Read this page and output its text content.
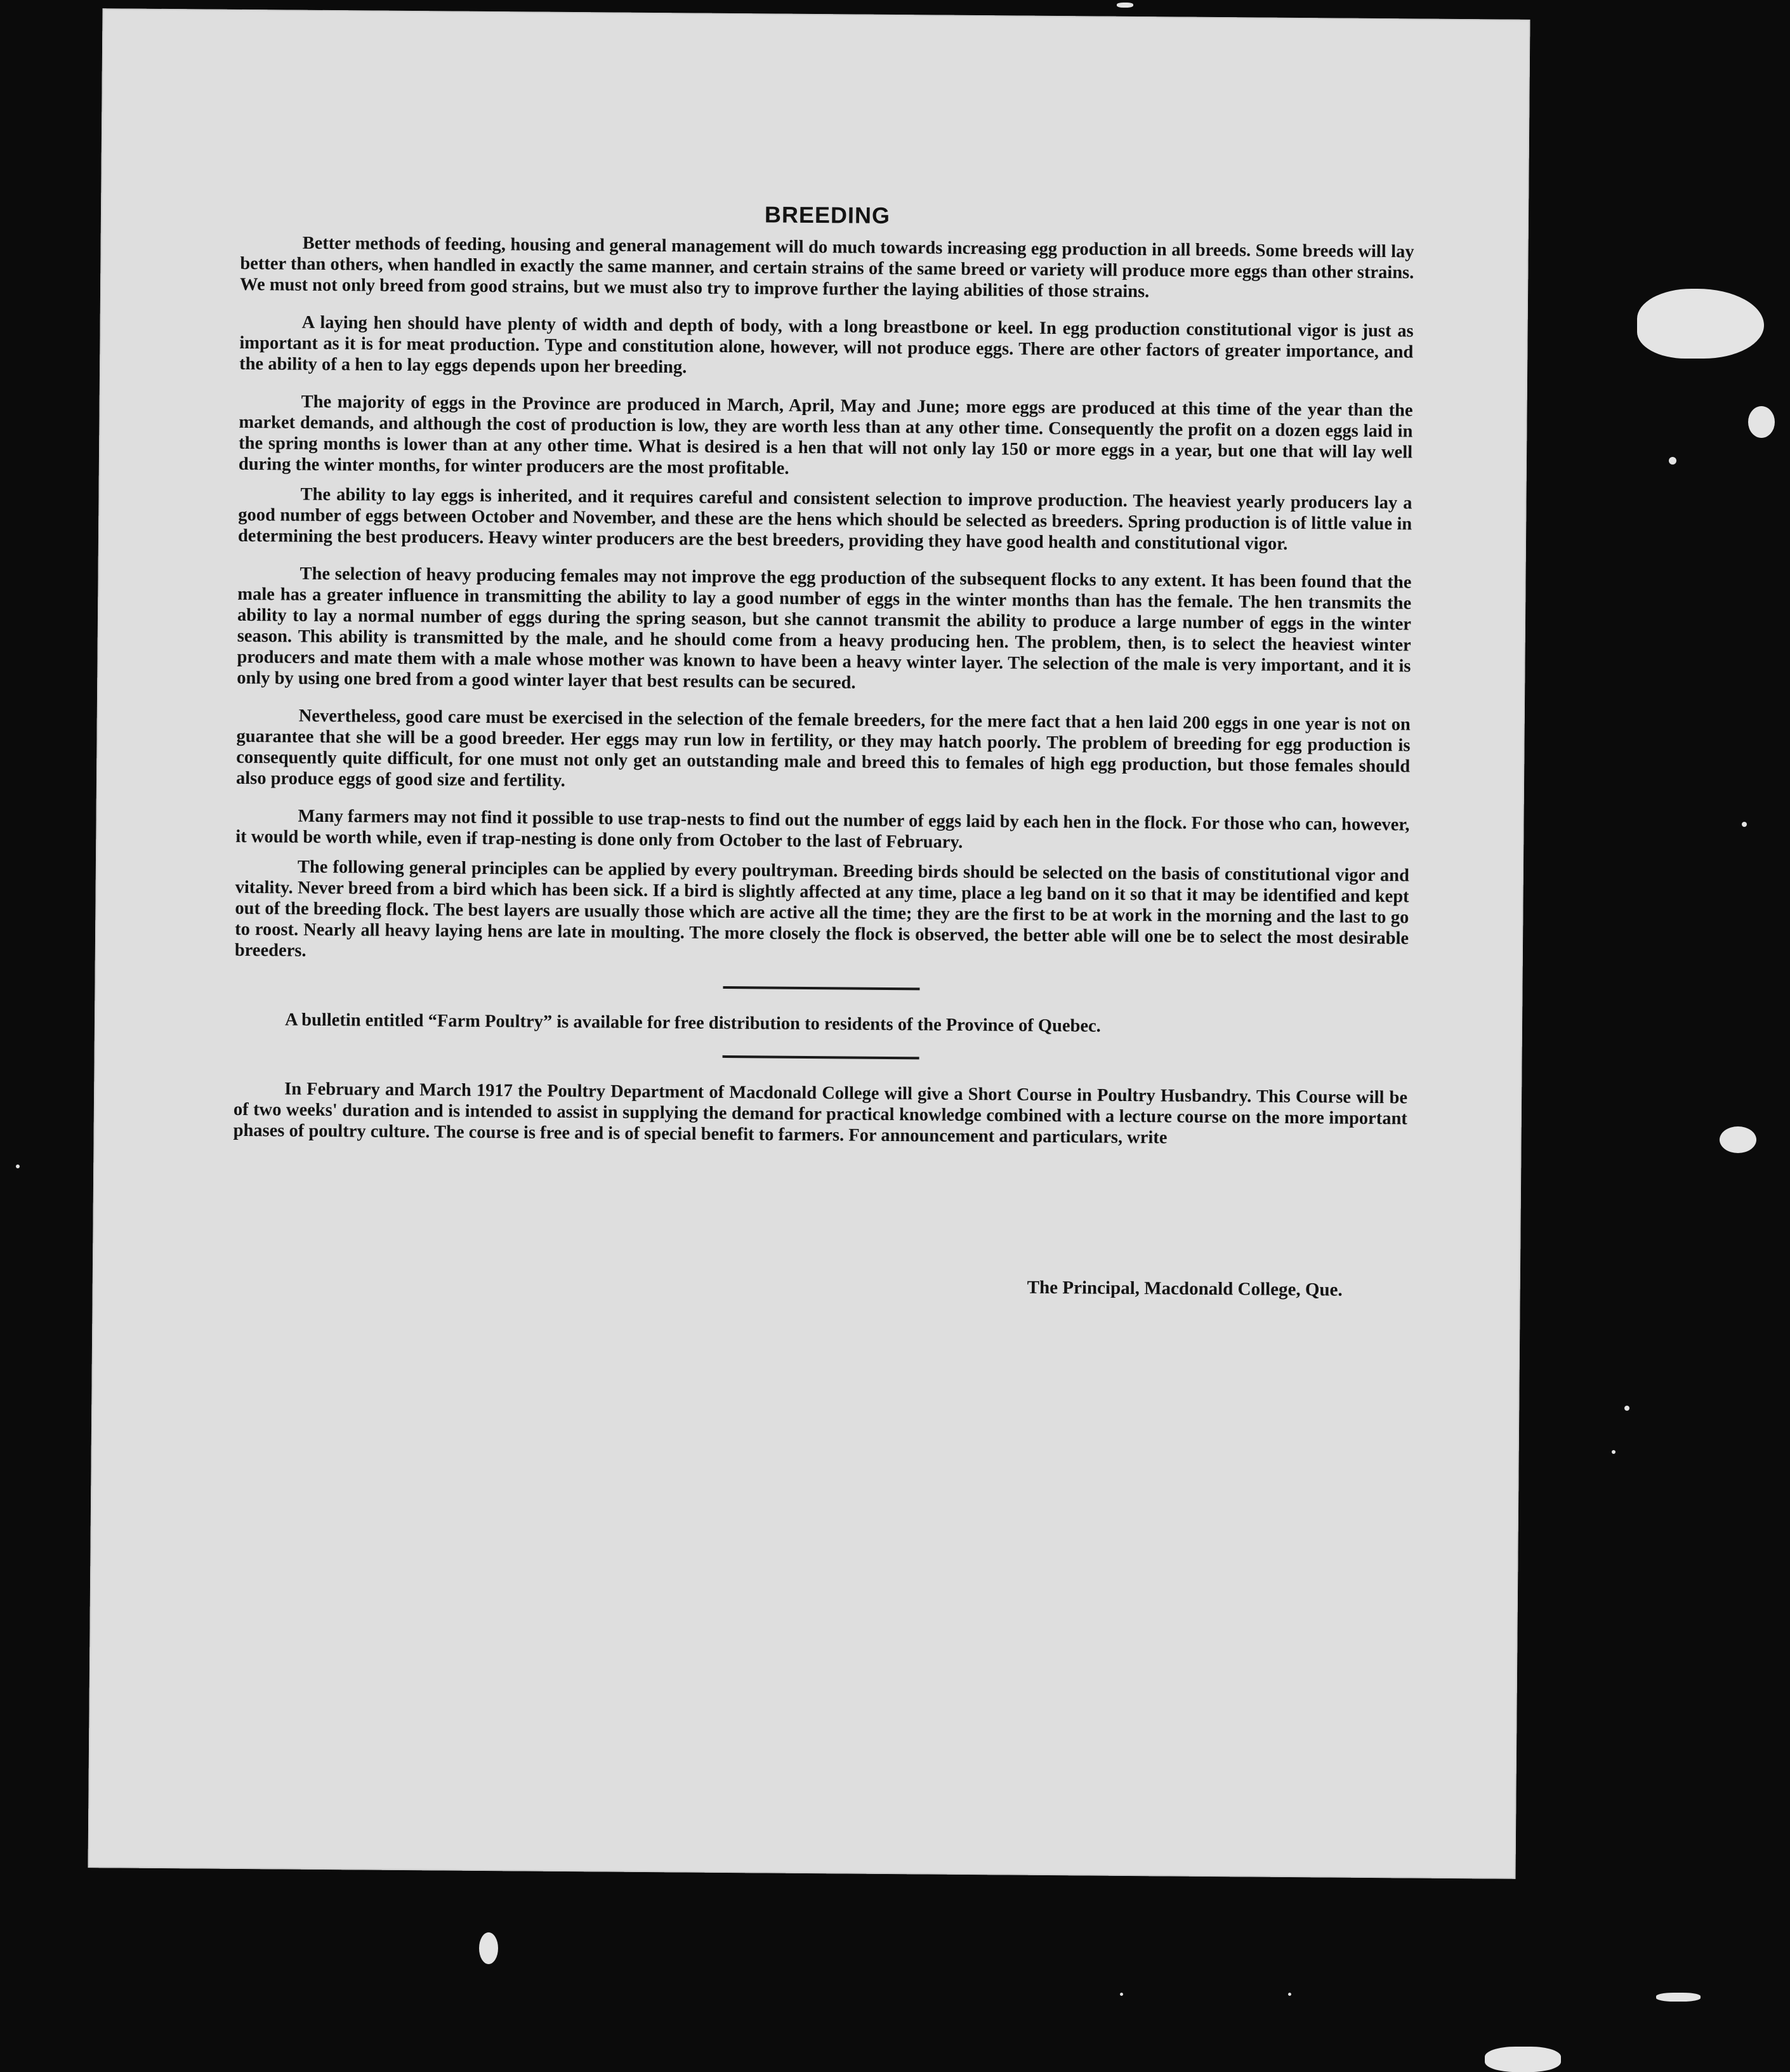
BREEDING

Better methods of feeding, housing and general management will do much towards increasing egg production in all breeds. Some breeds will lay better than others, when handled in exactly the same manner, and certain strains of the same breed or variety will produce more eggs than other strains. We must not only breed from good strains, but we must also try to improve further the laying abilities of those strains.

A laying hen should have plenty of width and depth of body, with a long breastbone or keel. In egg production constitutional vigor is just as important as it is for meat production. Type and constitution alone, however, will not produce eggs. There are other factors of greater importance, and the ability of a hen to lay eggs depends upon her breeding.

The majority of eggs in the Province are produced in March, April, May and June; more eggs are produced at this time of the year than the market demands, and although the cost of production is low, they are worth less than at any other time. Consequently the profit on a dozen eggs laid in the spring months is lower than at any other time. What is desired is a hen that will not only lay 150 or more eggs in a year, but one that will lay well during the winter months, for winter producers are the most profitable.

The ability to lay eggs is inherited, and it requires careful and consistent selection to improve production. The heaviest yearly producers lay a good number of eggs between October and November, and these are the hens which should be selected as breeders. Spring production is of little value in determining the best producers. Heavy winter producers are the best breeders, providing they have good health and constitutional vigor.

The selection of heavy producing females may not improve the egg production of the subsequent flocks to any extent. It has been found that the male has a greater influence in transmitting the ability to lay a good number of eggs in the winter months than has the female. The hen transmits the ability to lay a normal number of eggs during the spring season, but she cannot transmit the ability to produce a large number of eggs in the winter season. This ability is transmitted by the male, and he should come from a heavy producing hen. The problem, then, is to select the heaviest winter producers and mate them with a male whose mother was known to have been a heavy winter layer. The selection of the male is very important, and it is only by using one bred from a good winter layer that best results can be secured.

Nevertheless, good care must be exercised in the selection of the female breeders, for the mere fact that a hen laid 200 eggs in one year is not on guarantee that she will be a good breeder. Her eggs may run low in fertility, or they may hatch poorly. The problem of breeding for egg production is consequently quite difficult, for one must not only get an outstanding male and breed this to females of high egg production, but those females should also produce eggs of good size and fertility.

Many farmers may not find it possible to use trap-nests to find out the number of eggs laid by each hen in the flock. For those who can, however, it would be worth while, even if trap-nesting is done only from October to the last of February.

The following general principles can be applied by every poultryman. Breeding birds should be selected on the basis of constitutional vigor and vitality. Never breed from a bird which has been sick. If a bird is slightly affected at any time, place a leg band on it so that it may be identified and kept out of the breeding flock. The best layers are usually those which are active all the time; they are the first to be at work in the morning and the last to go to roost. Nearly all heavy laying hens are late in moulting. The more closely the flock is observed, the better able will one be to select the most desirable breeders.

A bulletin entitled “Farm Poultry” is available for free distribution to residents of the Province of Quebec.

In February and March 1917 the Poultry Department of Macdonald College will give a Short Course in Poultry Husbandry. This Course will be of two weeks' duration and is intended to assist in supplying the demand for practical knowledge combined with a lecture course on the more important phases of poultry culture. The course is free and is of special benefit to farmers. For announcement and particulars, write

The Principal, Macdonald College, Que.
